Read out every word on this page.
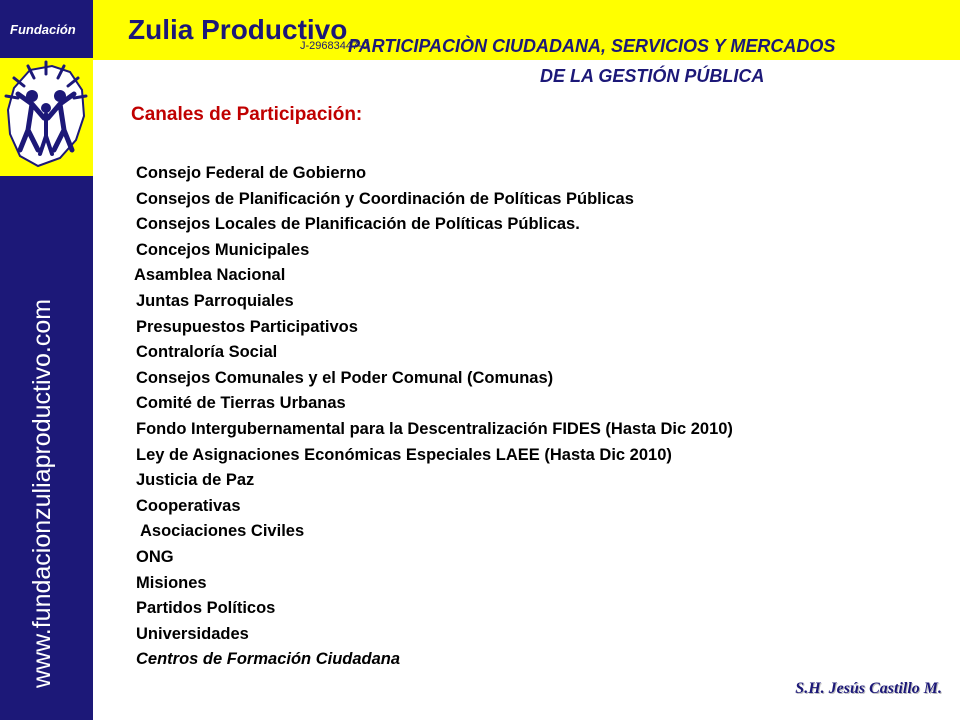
Fundación Zulia Productivo
J-29683447-0
PARTICIPACIÒN CIUDADANA, SERVICIOS Y MERCADOS
DE LA GESTIÓN PÚBLICA
www.fundacionzuliaproductivo.com
Canales de Participación:
Consejo Federal de Gobierno
Consejos de Planificación y Coordinación de Políticas Públicas
Consejos Locales de Planificación de Políticas Públicas.
Concejos Municipales
Asamblea Nacional
Juntas Parroquiales
Presupuestos Participativos
Contraloría Social
Consejos Comunales y el Poder Comunal (Comunas)
Comité de Tierras Urbanas
Fondo Intergubernamental para la Descentralización FIDES (Hasta Dic 2010)
Ley de Asignaciones Económicas Especiales LAEE (Hasta Dic 2010)
Justicia de Paz
Cooperativas
Asociaciones Civiles
ONG
Misiones
Partidos Políticos
Universidades
Centros de Formación Ciudadana
S.H. Jesús Castillo M.
